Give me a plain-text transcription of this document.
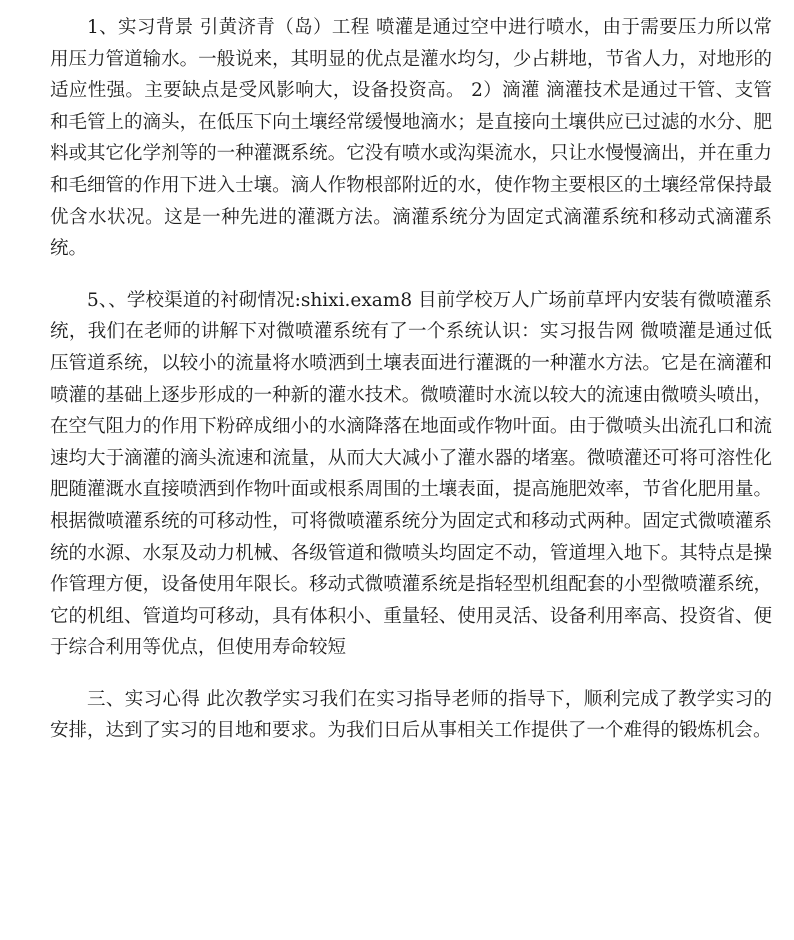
1、实习背景 引黄济青（岛）工程 喷灌是通过空中进行喷水，由于需要压力所以常用压力管道输水。一般说来，其明显的优点是灌水均匀，少占耕地，节省人力，对地形的适应性强。主要缺点是受风影响大，设备投资高。 2）滴灌 滴灌技术是通过干管、支管和毛管上的滴头，在低压下向土壤经常缓慢地滴水；是直接向土壤供应已过滤的水分、肥料或其它化学剂等的一种灌溉系统。它没有喷水或沟渠流水，只让水慢慢滴出，并在重力和毛细管的作用下进入士壤。滴人作物根部附近的水，使作物主要根区的土壤经常保持最优含水状况。这是一种先进的灌溉方法。滴灌系统分为固定式滴灌系统和移动式滴灌系统。

5、、学校渠道的衬砌情况:shixi.exam8 目前学校万人广场前草坪内安装有微喷灌系统，我们在老师的讲解下对微喷灌系统有了一个系统认识：实习报告网 微喷灌是通过低压管道系统，以较小的流量将水喷洒到土壤表面进行灌溉的一种灌水方法。它是在滴灌和喷灌的基础上逐步形成的一种新的灌水技术。微喷灌时水流以较大的流速由微喷头喷出，在空气阻力的作用下粉碎成细小的水滴降落在地面或作物叶面。由于微喷头出流孔口和流速均大于滴灌的滴头流速和流量，从而大大减小了灌水器的堵塞。微喷灌还可将可溶性化肥随灌溉水直接喷洒到作物叶面或根系周围的土壤表面，提高施肥效率，节省化肥用量。根据微喷灌系统的可移动性，可将微喷灌系统分为固定式和移动式两种。固定式微喷灌系统的水源、水泵及动力机械、各级管道和微喷头均固定不动，管道埋入地下。其特点是操作管理方便，设备使用年限长。移动式微喷灌系统是指轻型机组配套的小型微喷灌系统，它的机组、管道均可移动，具有体积小、重量轻、使用灵活、设备利用率高、投资省、便于综合利用等优点，但使用寿命较短

三、实习心得 此次教学实习我们在实习指导老师的指导下，顺利完成了教学实习的安排，达到了实习的目地和要求。为我们日后从事相关工作提供了一个难得的锻炼机会。
